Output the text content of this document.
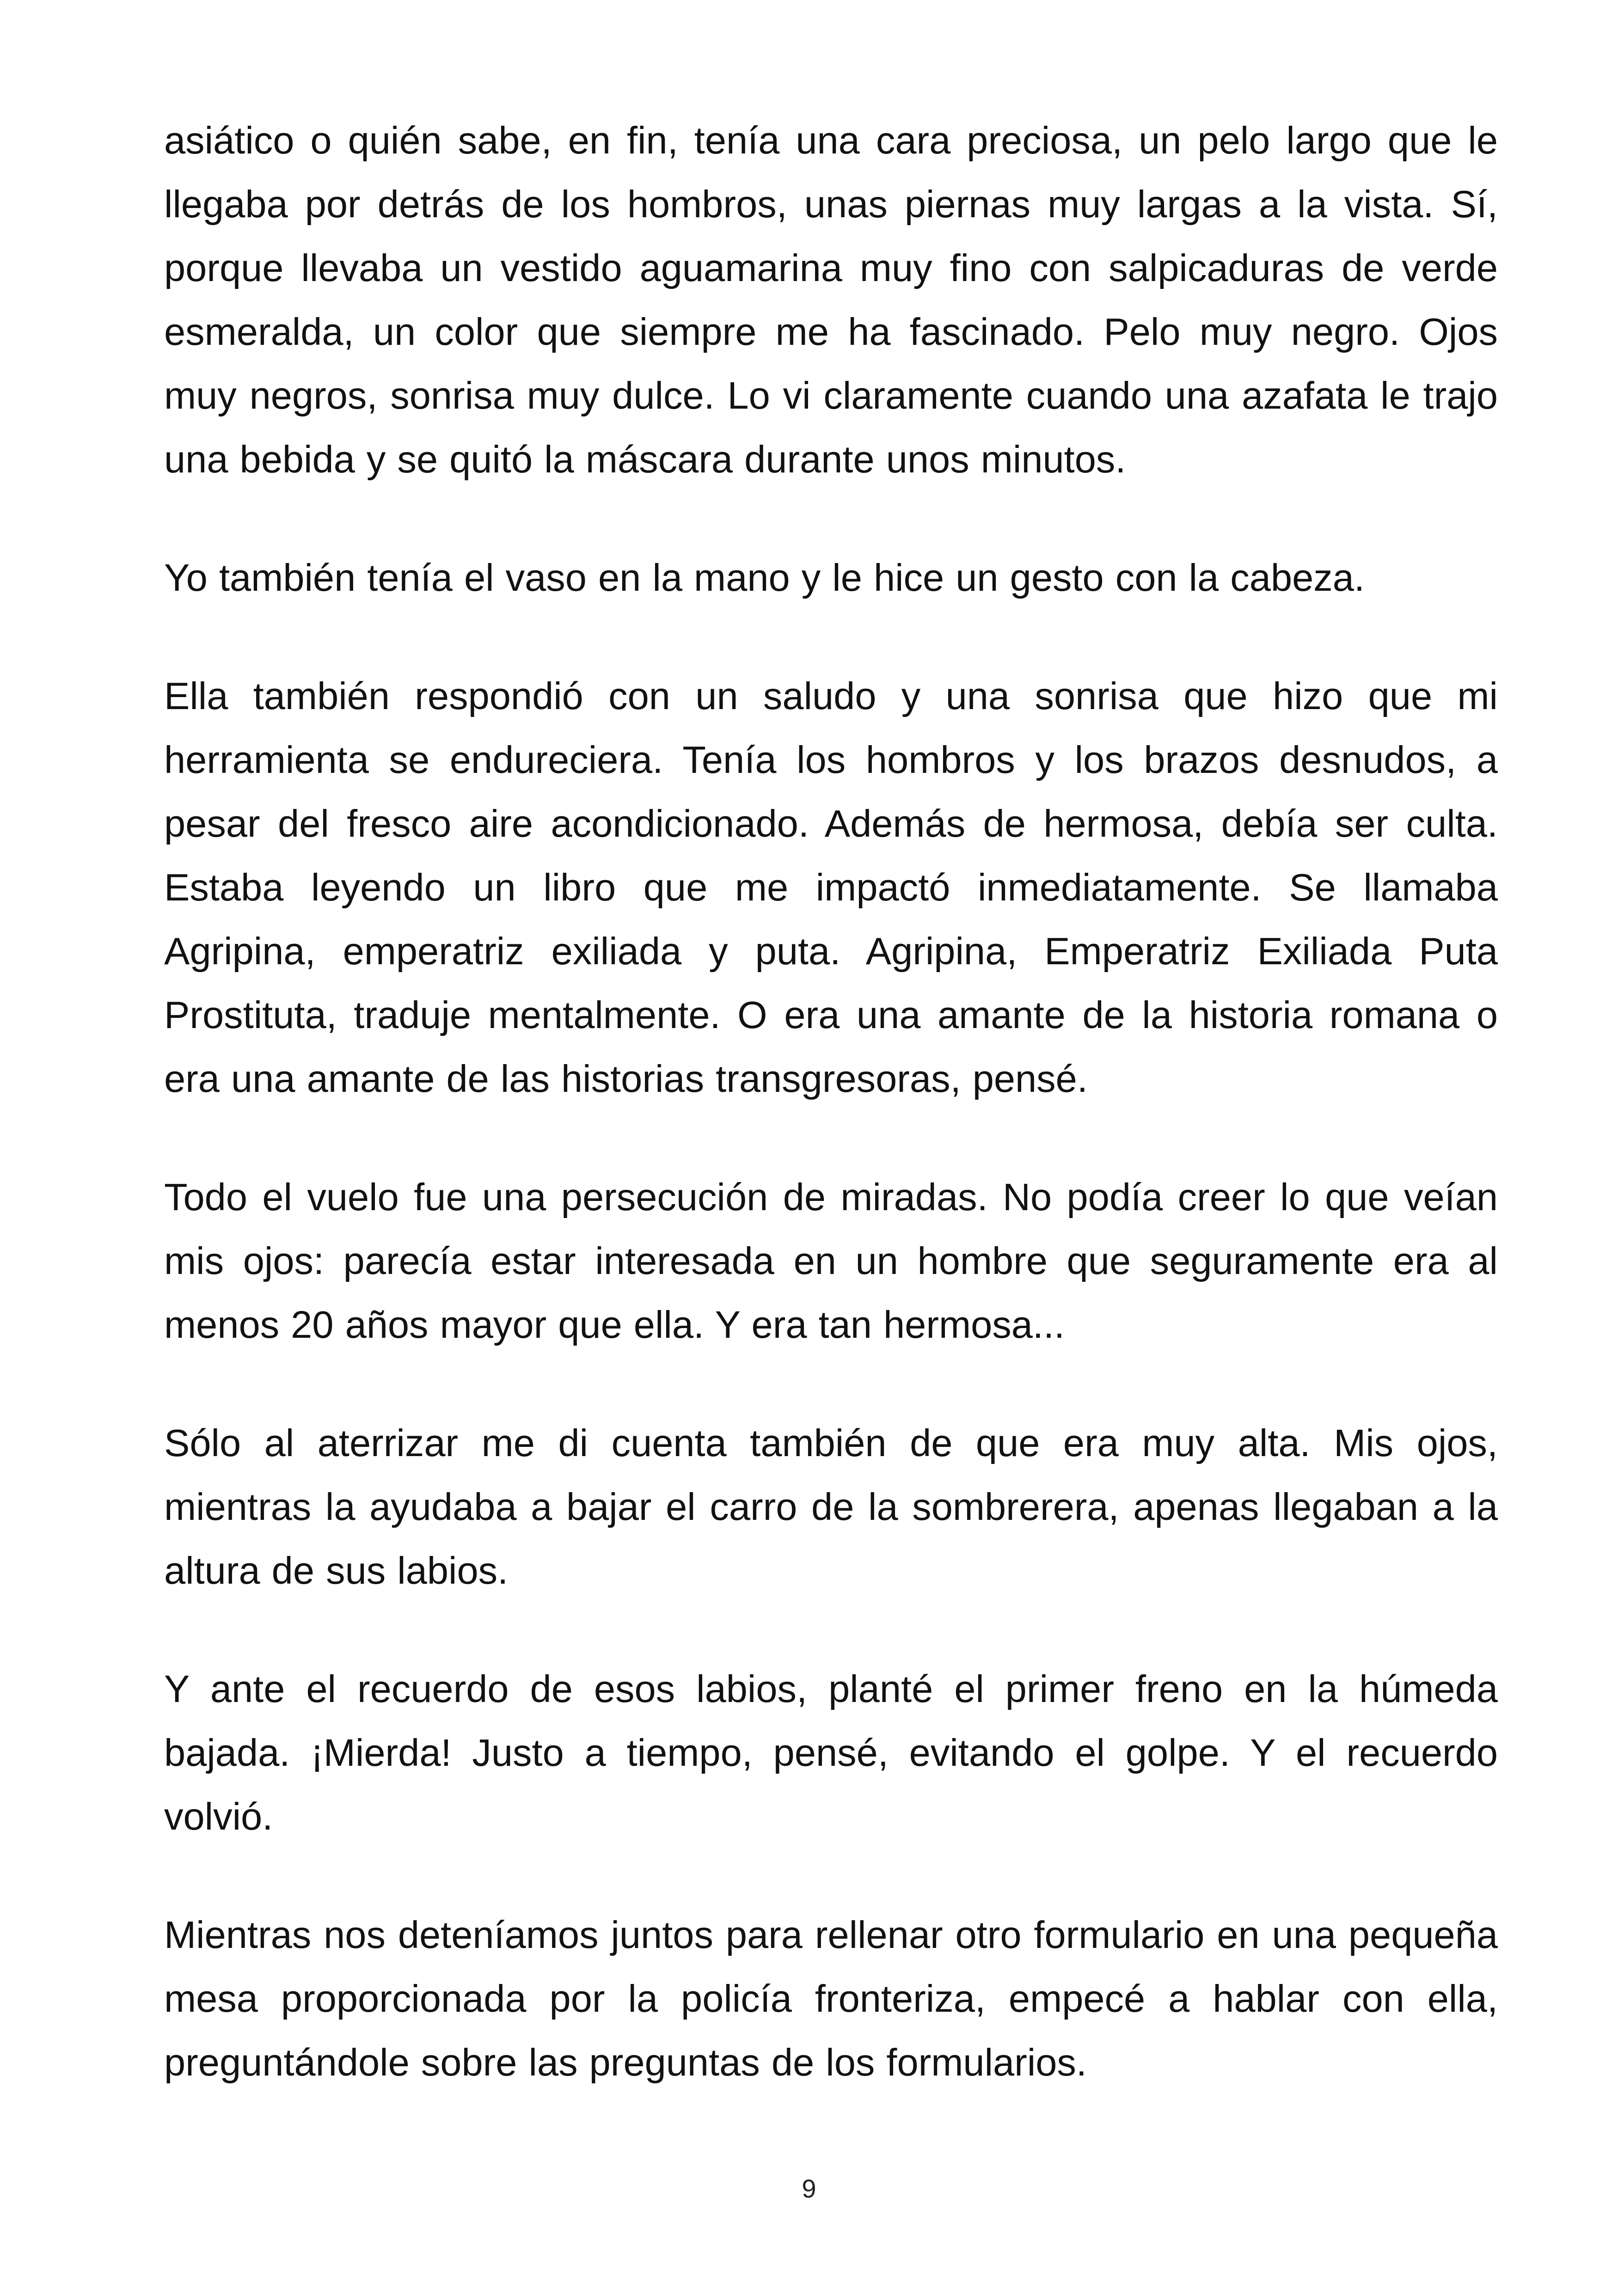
asiático o quién sabe, en fin, tenía una cara preciosa, un pelo largo que le llegaba por detrás de los hombros, unas piernas muy largas a la vista. Sí, porque llevaba un vestido aguamarina muy fino con salpicaduras de verde esmeralda, un color que siempre me ha fascinado. Pelo muy negro. Ojos muy negros, sonrisa muy dulce. Lo vi claramente cuando una azafata le trajo una bebida y se quitó la máscara durante unos minutos.

Yo también tenía el vaso en la mano y le hice un gesto con la cabeza.

Ella también respondió con un saludo y una sonrisa que hizo que mi herramienta se endureciera. Tenía los hombros y los brazos desnudos, a pesar del fresco aire acondicionado. Además de hermosa, debía ser culta. Estaba leyendo un libro que me impactó inmediatamente. Se llamaba Agripina, emperatriz exiliada y puta. Agripina, Emperatriz Exiliada Puta Prostituta, traduje mentalmente. O era una amante de la historia romana o era una amante de las historias transgresoras, pensé.

Todo el vuelo fue una persecución de miradas. No podía creer lo que veían mis ojos: parecía estar interesada en un hombre que seguramente era al menos 20 años mayor que ella. Y era tan hermosa...

Sólo al aterrizar me di cuenta también de que era muy alta. Mis ojos, mientras la ayudaba a bajar el carro de la sombrerera, apenas llegaban a la altura de sus labios.

Y ante el recuerdo de esos labios, planté el primer freno en la húmeda bajada. ¡Mierda! Justo a tiempo, pensé, evitando el golpe. Y el recuerdo volvió.

Mientras nos deteníamos juntos para rellenar otro formulario en una pequeña mesa proporcionada por la policía fronteriza, empecé a hablar con ella, preguntándole sobre las preguntas de los formularios.

9
